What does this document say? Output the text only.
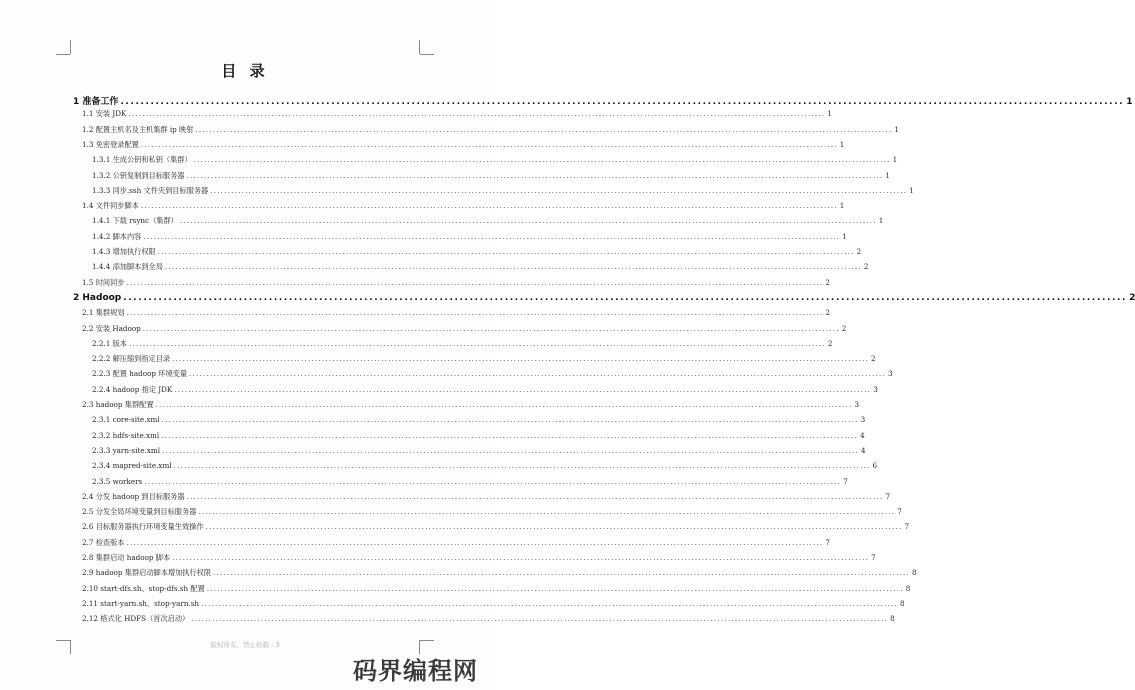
目 录
1 准备工作 ........................................................................................................................................................................................................ 1
1.1 安装 JDK ........................................................................................................................................................................................................ 1
1.2 配置主机名及主机集群 ip 映射 ........................................................................................................................................................................................................ 1
1.3 免密登录配置 ........................................................................................................................................................................................................ 1
1.3.1 生成公钥和私钥（集群） ........................................................................................................................................................................................................ 1
1.3.2 公钥复制到目标服务器 ........................................................................................................................................................................................................ 1
1.3.3 同步.ssh 文件夹到目标服务器 ........................................................................................................................................................................................................ 1
1.4 文件同步脚本 ........................................................................................................................................................................................................ 1
1.4.1 下载 rsync（集群） ........................................................................................................................................................................................................ 1
1.4.2 脚本内容 ........................................................................................................................................................................................................ 1
1.4.3 增加执行权限 ........................................................................................................................................................................................................ 2
1.4.4 添加脚本到全局 ........................................................................................................................................................................................................ 2
1.5 时间同步 ........................................................................................................................................................................................................ 2
2 Hadoop ........................................................................................................................................................................................................ 2
2.1 集群规划 ........................................................................................................................................................................................................ 2
2.2 安装 Hadoop ........................................................................................................................................................................................................ 2
2.2.1 版本 ........................................................................................................................................................................................................ 2
2.2.2 解压缩到指定目录 ........................................................................................................................................................................................................ 2
2.2.3 配置 hadoop 环境变量 ........................................................................................................................................................................................................ 3
2.2.4 hadoop 指定 JDK ........................................................................................................................................................................................................ 3
2.3 hadoop 集群配置 ........................................................................................................................................................................................................ 3
2.3.1 core-site.xml ........................................................................................................................................................................................................ 3
2.3.2 hdfs-site.xml ........................................................................................................................................................................................................ 4
2.3.3 yarn-site.xml ........................................................................................................................................................................................................ 4
2.3.4 mapred-site.xml ........................................................................................................................................................................................................ 6
2.3.5 workers ........................................................................................................................................................................................................ 7
2.4 分发 hadoop 到目标服务器 ........................................................................................................................................................................................................ 7
2.5 分发全局环境变量到目标服务器 ........................................................................................................................................................................................................ 7
2.6 目标服务器执行环境变量生效操作 ........................................................................................................................................................................................................ 7
2.7 检查版本 ........................................................................................................................................................................................................ 7
2.8 集群启动 hadoop 脚本 ........................................................................................................................................................................................................ 7
2.9 hadoop 集群启动脚本增加执行权限 ........................................................................................................................................................................................................ 8
2.10 start-dfs.sh、stop-dfs.sh 配置 ........................................................................................................................................................................................................ 8
2.11 start-yarn.sh、stop-yarn.sh ........................................................................................................................................................................................................ 8
2.12 格式化 HDFS（首次启动） ........................................................................................................................................................................................................ 8
版权所有，禁止转载 - 3
码界编程网
